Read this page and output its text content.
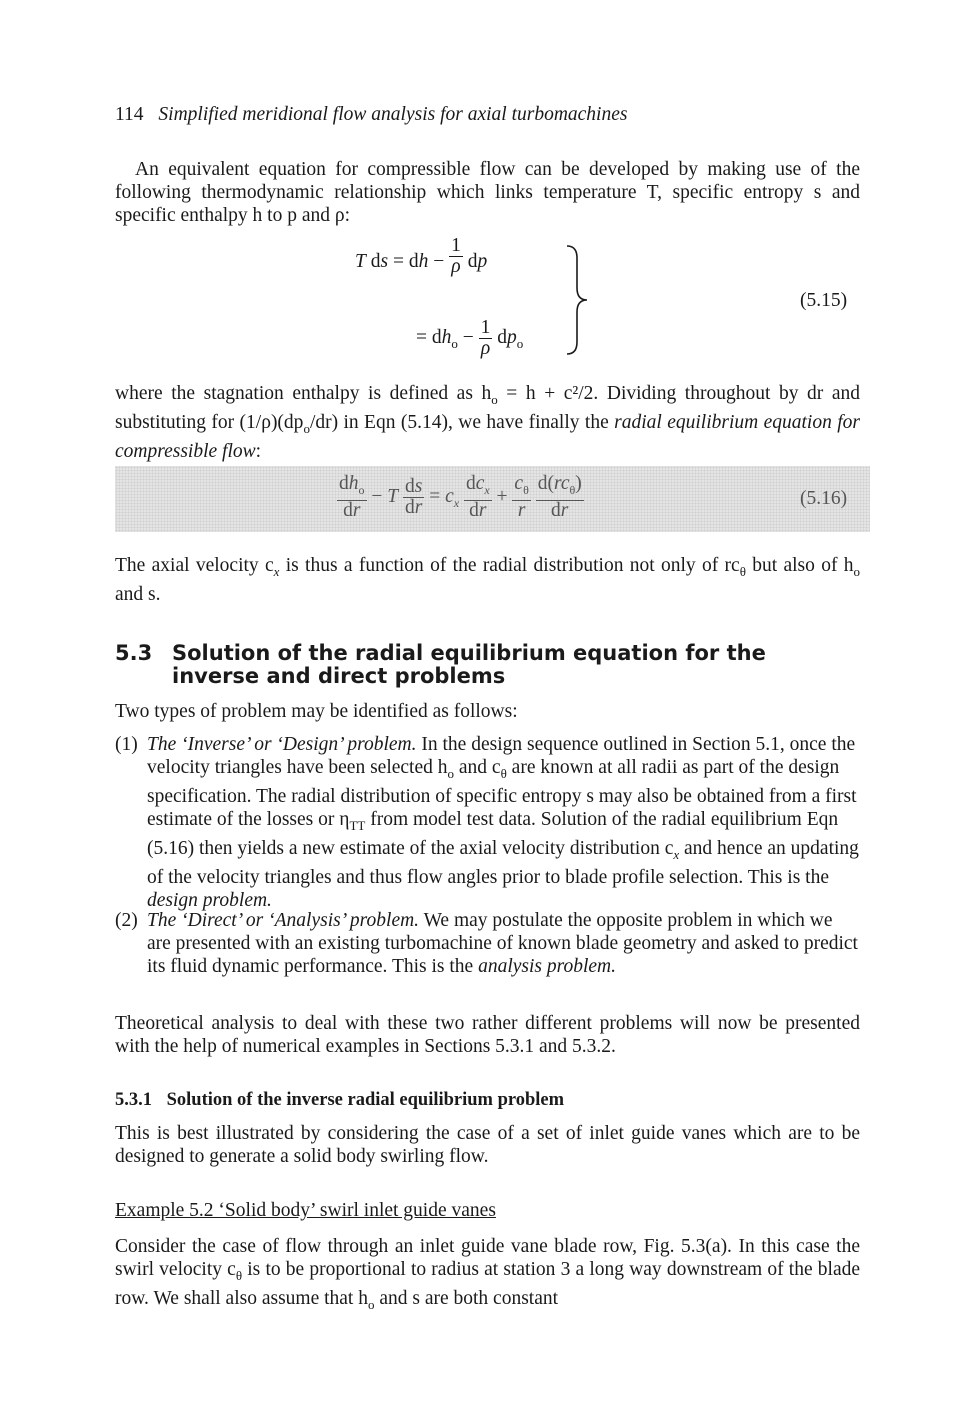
114 Simplified meridional flow analysis for axial turbomachines

An equivalent equation for compressible flow can be developed by making use of the following thermodynamic relationship which links temperature T, specific entropy s and specific enthalpy h to p and ρ:

T ds = dh − $\frac{1}{\rho}$ dp
= $dh_o - \frac{1}{\rho} dp_o$
(5.15)

where the stagnation enthalpy is defined as $h_o = h + c^2/2$. Dividing throughout by dr and substituting for $(1/\rho)(dp_o/dr)$ in Eqn (5.14), we have finally the radial equilibrium equation for compressible flow:

$\frac{dh_o}{dr} - T \frac{ds}{dr} = c_x \frac{dc_x}{dr} + \frac{c_\theta}{r}$
$\frac{d(rc_\theta)}{dr}$	(5.16)

The axial velocity $c_x$ is thus a function of the radial distribution not only of $rc_\theta$ but also of $h_o$ and s.

5.3 Solution of the radial equilibrium equation for the inverse and direct problems

Two types of problem may be identified as follows:

(1) The ‘Inverse’ or ‘Design’ problem. In the design sequence outlined in Section 5.1, once the velocity triangles have been selected $h_o$ and $c_\theta$ are known at all radii as part of the design specification. The radial distribution of specific entropy s may also be obtained from a first estimate of the losses or $\eta_{TT}$ from model test data. Solution of the radial equilibrium Eqn (5.16) then yields a new estimate of the axial velocity distribution $c_x$ and hence an updating of the velocity triangles and thus flow angles prior to blade profile selection. This is the design problem.

(2) The ‘Direct’ or ‘Analysis’ problem. We may postulate the opposite problem in which we are presented with an existing turbomachine of known blade geometry and asked to predict its fluid dynamic performance. This is the analysis problem.

Theoretical analysis to deal with these two rather different problems will now be presented with the help of numerical examples in Sections 5.3.1 and 5.3.2.

5.3.1 Solution of the inverse radial equilibrium problem

This is best illustrated by considering the case of a set of inlet guide vanes which are to be designed to generate a solid body swirling flow.

Example 5.2 ‘Solid body’ swirl inlet guide vanes

Consider the case of flow through an inlet guide vane blade row, Fig. 5.3(a). In this case the swirl velocity $c_\theta$ is to be proportional to radius at station 3 a long way downstream of the blade row. We shall also assume that $h_o$ and s are both constant
